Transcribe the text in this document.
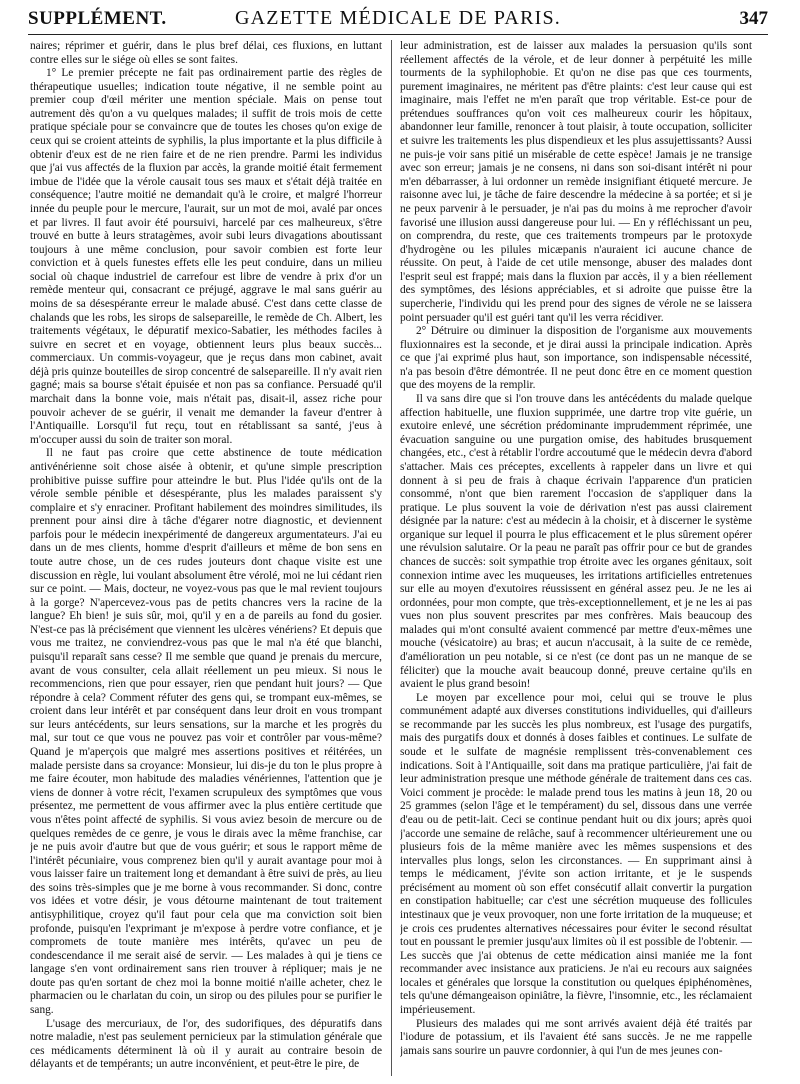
SUPPLÉMENT.	GAZETTE MÉDICALE DE PARIS.	347

naires; réprimer et guérir, dans le plus bref délai, ces fluxions, en luttant contre elles sur le siége où elles se sont faites.

1° Le premier précepte ne fait pas ordinairement partie des règles de thérapeutique usuelles; indication toute négative, il ne semble point au premier coup d'œil mériter une mention spéciale. Mais on pense tout autrement dès qu'on a vu quelques malades; il suffit de trois mois de cette pratique spéciale pour se convaincre que de toutes les choses qu'on exige de ceux qui se croient atteints de syphilis, la plus importante et la plus difficile à obtenir d'eux est de ne rien faire et de ne rien prendre. Parmi les individus que j'ai vus affectés de la fluxion par accès, la grande moitié était fermement imbue de l'idée que la vérole causait tous ses maux et s'était déjà traitée en conséquence; l'autre moitié ne demandait qu'à le croire, et malgré l'horreur innée du peuple pour le mercure, l'aurait, sur un mot de moi, avalé par onces et par livres. Il faut avoir été poursuivi, harcelé par ces malheureux, s'être trouvé en butte à leurs stratagèmes, avoir subi leurs divagations aboutissant toujours à une même conclusion, pour savoir combien est forte leur conviction et à quels funestes effets elle les peut conduire, dans un milieu social où chaque industriel de carrefour est libre de vendre à prix d'or un remède menteur qui, consacrant ce préjugé, aggrave le mal sans guérir au moins de sa désespérante erreur le malade abusé. C'est dans cette classe de chalands que les robs, les sirops de salsepareille, le remède de Ch. Albert, les traitements végétaux, le dépuratif mexico-Sabatier, les méthodes faciles à suivre en secret et en voyage, obtiennent leurs plus beaux succès... commerciaux. Un commis-voyageur, que je reçus dans mon cabinet, avait déjà pris quinze bouteilles de sirop concentré de salsepareille. Il n'y avait rien gagné; mais sa bourse s'était épuisée et non pas sa confiance. Persuadé qu'il marchait dans la bonne voie, mais n'était pas, disait-il, assez riche pour pouvoir achever de se guérir, il venait me demander la faveur d'entrer à l'Antiquaille. Lorsqu'il fut reçu, tout en rétablissant sa santé, j'eus à m'occuper aussi du soin de traiter son moral.

Il ne faut pas croire que cette abstinence de toute médication antivénérienne soit chose aisée à obtenir, et qu'une simple prescription prohibitive puisse suffire pour atteindre le but. Plus l'idée qu'ils ont de la vérole semble pénible et désespérante, plus les malades paraissent s'y complaire et s'y enraciner. Profitant habilement des moindres similitudes, ils prennent pour ainsi dire à tâche d'égarer notre diagnostic, et deviennent parfois pour le médecin inexpérimenté de dangereux argumentateurs. J'ai eu dans un de mes clients, homme d'esprit d'ailleurs et même de bon sens en toute autre chose, un de ces rudes jouteurs dont chaque visite est une discussion en règle, lui voulant absolument être vérolé, moi ne lui cédant rien sur ce point. — Mais, docteur, ne voyez-vous pas que le mal revient toujours à la gorge? N'apercevez-vous pas de petits chancres vers la racine de la langue? Eh bien! je suis sûr, moi, qu'il y en a de pareils au fond du gosier. N'est-ce pas là précisément que viennent les ulcères vénériens? Et depuis que vous me traitez, ne conviendrez-vous pas que le mal n'a été que blanchi, puisqu'il reparaît sans cesse? Il me semble que quand je prenais du mercure, avant de vous consulter, cela allait réellement un peu mieux. Si nous le recommencions, rien que pour essayer, rien que pendant huit jours? — Que répondre à cela? Comment réfuter des gens qui, se trompant eux-mêmes, se croient dans leur intérêt et par conséquent dans leur droit en vous trompant sur leurs antécédents, sur leurs sensations, sur la marche et les progrès du mal, sur tout ce que vous ne pouvez pas voir et contrôler par vous-même? Quand je m'aperçois que malgré mes assertions positives et réitérées, un malade persiste dans sa croyance: Monsieur, lui dis-je du ton le plus propre à me faire écouter, mon habitude des maladies vénériennes, l'attention que je viens de donner à votre récit, l'examen scrupuleux des symptômes que vous présentez, me permettent de vous affirmer avec la plus entière certitude que vous n'êtes point affecté de syphilis. Si vous aviez besoin de mercure ou de quelques remèdes de ce genre, je vous le dirais avec la même franchise, car je ne puis avoir d'autre but que de vous guérir; et sous le rapport même de l'intérêt pécuniaire, vous comprenez bien qu'il y aurait avantage pour moi à vous laisser faire un traitement long et demandant à être suivi de près, au lieu des soins très-simples que je me borne à vous recommander. Si donc, contre vos idées et votre désir, je vous détourne maintenant de tout traitement antisyphilitique, croyez qu'il faut pour cela que ma conviction soit bien profonde, puisqu'en l'exprimant je m'expose à perdre votre confiance, et je compromets de toute manière mes intérêts, qu'avec un peu de condescendance il me serait aisé de servir. — Les malades à qui je tiens ce langage s'en vont ordinairement sans rien trouver à répliquer; mais je ne doute pas qu'en sortant de chez moi la bonne moitié n'aille acheter, chez le pharmacien ou le charlatan du coin, un sirop ou des pilules pour se purifier le sang.

L'usage des mercuriaux, de l'or, des sudorifiques, des dépuratifs dans notre maladie, n'est pas seulement pernicieux par la stimulation générale que ces médicaments déterminent là où il y aurait au contraire besoin de délayants et de tempérants; un autre inconvénient, et peut-être le pire, de

leur administration, est de laisser aux malades la persuasion qu'ils sont réellement affectés de la vérole, et de leur donner à perpétuité les mille tourments de la syphilophobie. Et qu'on ne dise pas que ces tourments, purement imaginaires, ne méritent pas d'être plaints: c'est leur cause qui est imaginaire, mais l'effet ne m'en paraît que trop véritable. Est-ce pour de prétendues souffrances qu'on voit ces malheureux courir les hôpitaux, abandonner leur famille, renoncer à tout plaisir, à toute occupation, solliciter et suivre les traitements les plus dispendieux et les plus assujettissants? Aussi ne puis-je voir sans pitié un misérable de cette espèce! Jamais je ne transige avec son erreur; jamais je ne consens, ni dans son soi-disant intérêt ni pour m'en débarrasser, à lui ordonner un remède insignifiant étiqueté mercure. Je raisonne avec lui, je tâche de faire descendre la médecine à sa portée; et si je ne peux parvenir à le persuader, je n'ai pas du moins à me reprocher d'avoir favorisé une illusion aussi dangereuse pour lui. — En y réfléchissant un peu, on comprendra, du reste, que ces traitements trompeurs par le protoxyde d'hydrogène ou les pilules micæpanis n'auraient ici aucune chance de réussite. On peut, à l'aide de cet utile mensonge, abuser des malades dont l'esprit seul est frappé; mais dans la fluxion par accès, il y a bien réellement des symptômes, des lésions appréciables, et si adroite que puisse être la supercherie, l'individu qui les prend pour des signes de vérole ne se laissera point persuader qu'il est guéri tant qu'il les verra récidiver.

2° Détruire ou diminuer la disposition de l'organisme aux mouvements fluxionnaires est la seconde, et je dirai aussi la principale indication. Après ce que j'ai exprimé plus haut, son importance, son indispensable nécessité, n'a pas besoin d'être démontrée. Il ne peut donc être en ce moment question que des moyens de la remplir.

Il va sans dire que si l'on trouve dans les antécédents du malade quelque affection habituelle, une fluxion supprimée, une dartre trop vite guérie, un exutoire enlevé, une sécrétion prédominante imprudemment réprimée, une évacuation sanguine ou une purgation omise, des habitudes brusquement changées, etc., c'est à rétablir l'ordre accoutumé que le médecin devra d'abord s'attacher. Mais ces préceptes, excellents à rappeler dans un livre et qui donnent à si peu de frais à chaque écrivain l'apparence d'un praticien consommé, n'ont que bien rarement l'occasion de s'appliquer dans la pratique. Le plus souvent la voie de dérivation n'est pas aussi clairement désignée par la nature: c'est au médecin à la choisir, et à discerner le système organique sur lequel il pourra le plus efficacement et le plus sûrement opérer une révulsion salutaire. Or la peau ne paraît pas offrir pour ce but de grandes chances de succès: soit sympathie trop étroite avec les organes génitaux, soit connexion intime avec les muqueuses, les irritations artificielles entretenues sur elle au moyen d'exutoires réussissent en général assez peu. Je ne les ai ordonnées, pour mon compte, que très-exceptionnellement, et je ne les ai pas vues non plus souvent prescrites par mes confrères. Mais beaucoup des malades qui m'ont consulté avaient commencé par mettre d'eux-mêmes une mouche (vésicatoire) au bras; et aucun n'accusait, à la suite de ce remède, d'amélioration un peu notable, si ce n'est (ce dont pas un ne manque de se féliciter) que la mouche avait beaucoup donné, preuve certaine qu'ils en avaient le plus grand besoin!

Le moyen par excellence pour moi, celui qui se trouve le plus communément adapté aux diverses constitutions individuelles, qui d'ailleurs se recommande par les succès les plus nombreux, est l'usage des purgatifs, mais des purgatifs doux et donnés à doses faibles et continues. Le sulfate de soude et le sulfate de magnésie remplissent très-convenablement ces indications. Soit à l'Antiquaille, soit dans ma pratique particulière, j'ai fait de leur administration presque une méthode générale de traitement dans ces cas. Voici comment je procède: le malade prend tous les matins à jeun 18, 20 ou 25 grammes (selon l'âge et le tempérament) du sel, dissous dans une verrée d'eau ou de petit-lait. Ceci se continue pendant huit ou dix jours; après quoi j'accorde une semaine de relâche, sauf à recommencer ultérieurement une ou plusieurs fois de la même manière avec les mêmes suspensions et des intervalles plus longs, selon les circonstances. — En supprimant ainsi à temps le médicament, j'évite son action irritante, et je le suspends précisément au moment où son effet consécutif allait convertir la purgation en constipation habituelle; car c'est une sécrétion muqueuse des follicules intestinaux que je veux provoquer, non une forte irritation de la muqueuse; et je crois ces prudentes alternatives nécessaires pour éviter le second résultat tout en poussant le premier jusqu'aux limites où il est possible de l'obtenir. — Les succès que j'ai obtenus de cette médication ainsi maniée me la font recommander avec insistance aux praticiens. Je n'ai eu recours aux saignées locales et générales que lorsque la constitution ou quelques épiphénomènes, tels qu'une démangeaison opiniâtre, la fièvre, l'insomnie, etc., les réclamaient impérieusement.

Plusieurs des malades qui me sont arrivés avaient déjà été traités par l'iodure de potassium, et ils l'avaient été sans succès. Je ne me rappelle jamais sans sourire un pauvre cordonnier, à qui l'un de mes jeunes con-
